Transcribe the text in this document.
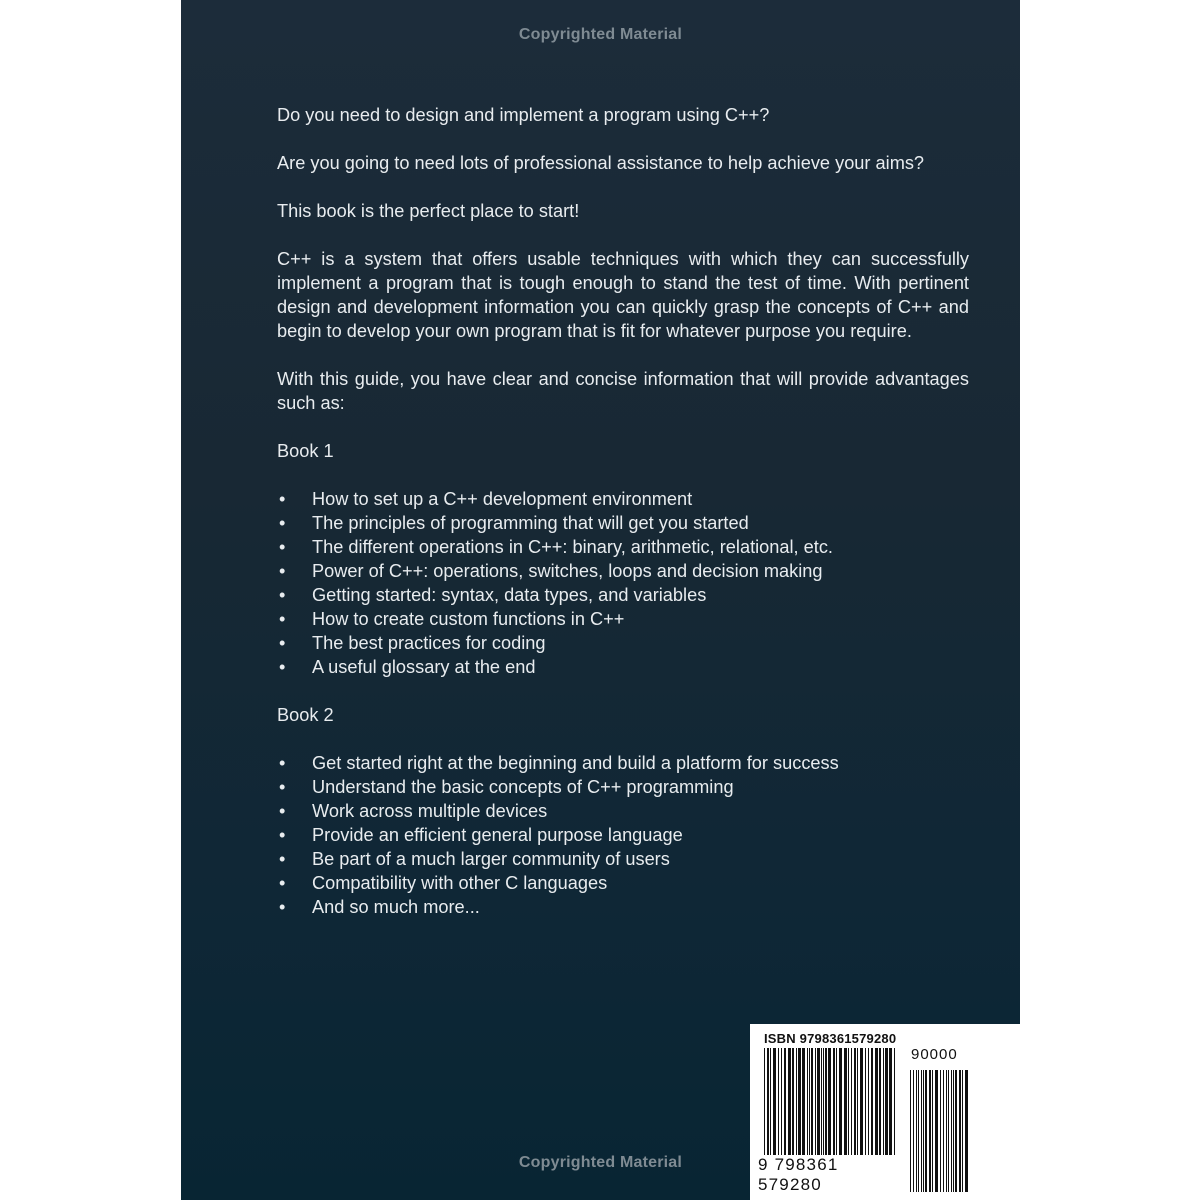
Copyrighted Material

Do you need to design and implement a program using C++?

Are you going to need lots of professional assistance to help achieve your aims?

This book is the perfect place to start!

C++ is a system that offers usable techniques with which they can successfully implement a program that is tough enough to stand the test of time. With pertinent design and development information you can quickly grasp the concepts of C++ and begin to develop your own program that is fit for whatever purpose you require.

With this guide, you have clear and concise information that will provide advantages such as:

Book 1

• How to set up a C++ development environment
• The principles of programming that will get you started
• The different operations in C++: binary, arithmetic, relational, etc.
• Power of C++: operations, switches, loops and decision making
• Getting started: syntax, data types, and variables
• How to create custom functions in C++
• The best practices for coding
• A useful glossary at the end

Book 2

• Get started right at the beginning and build a platform for success
• Understand the basic concepts of C++ programming
• Work across multiple devices
• Provide an efficient general purpose language
• Be part of a much larger community of users
• Compatibility with other C languages
• And so much more...
ISBN 9798361579280
90000
9 798361 579280
Copyrighted Material
